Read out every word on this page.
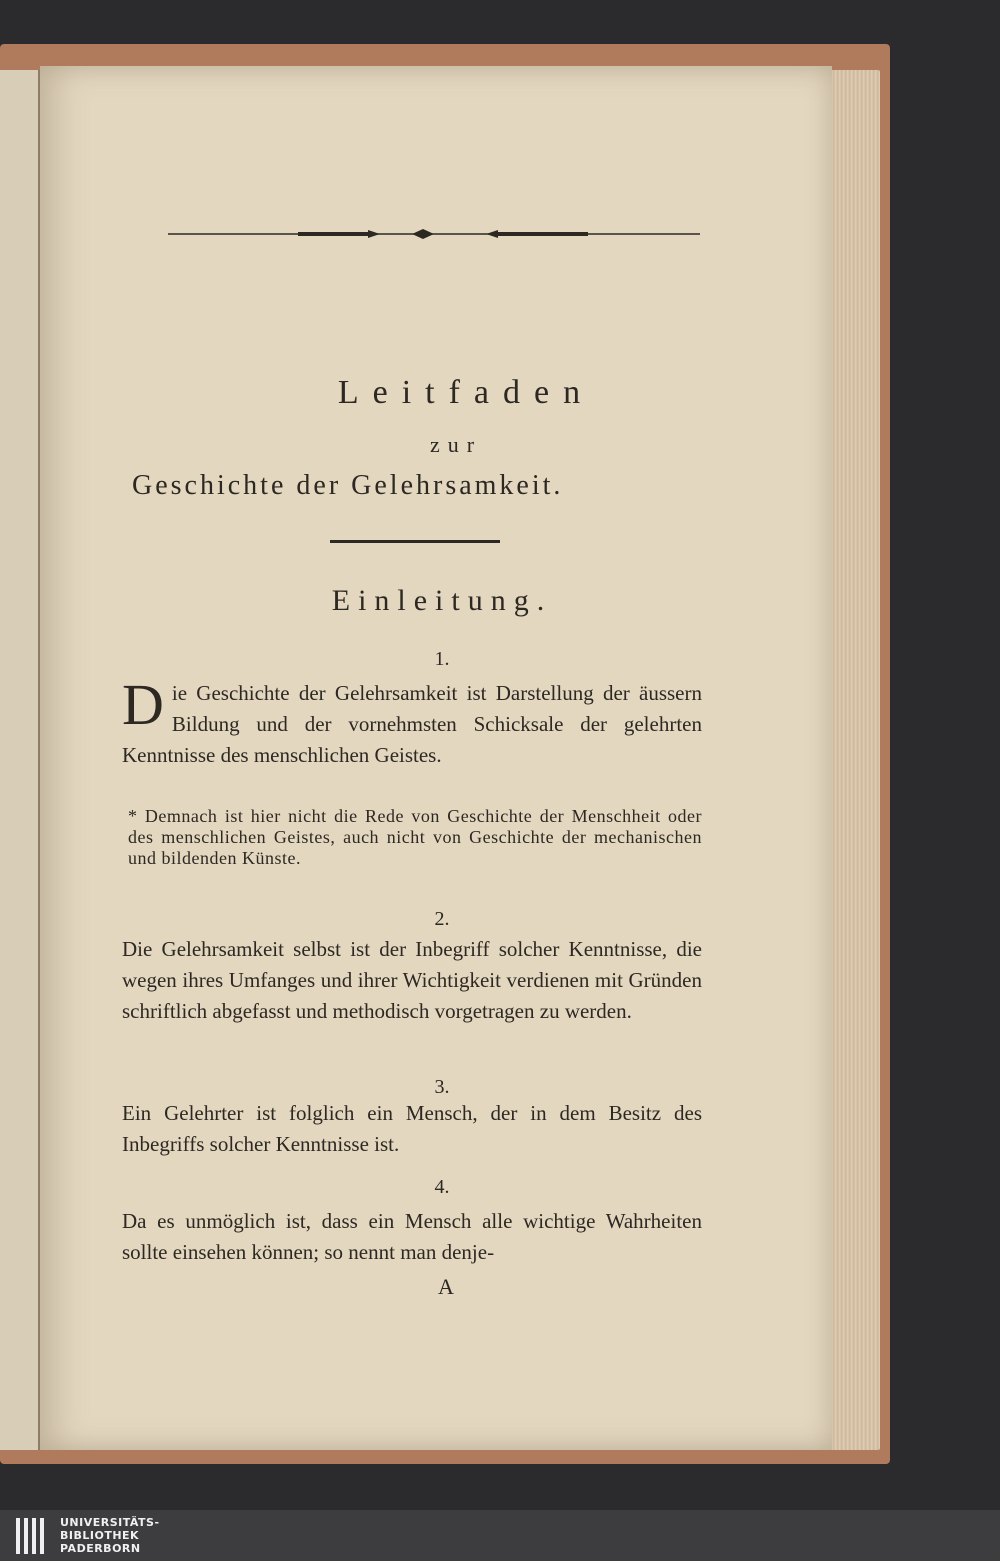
Leitfaden
zur
Geschichte der Gelehrsamkeit.
Einleitung.
1.
Die Geschichte der Gelehrsamkeit ist Darstellung der äussern Bildung und der vornehmsten Schicksale der gelehrten Kenntnisse des menschlichen Geistes.
* Demnach ist hier nicht die Rede von Geschichte der Menschheit oder des menschlichen Geistes, auch nicht von Geschichte der mechanischen und bildenden Künste.
2.
Die Gelehrsamkeit selbst ist der Inbegriff solcher Kenntnisse, die wegen ihres Umfanges und ihrer Wichtigkeit verdienen mit Gründen schriftlich abgefasst und methodisch vorgetragen zu werden.
3.
Ein Gelehrter ist folglich ein Mensch, der in dem Besitz des Inbegriffs solcher Kenntnisse ist.
4.
Da es unmöglich ist, dass ein Mensch alle wichtige Wahrheiten sollte einsehen können; so nennt man denje-
A
UNIVERSITÄTS-
BIBLIOTHEK
PADERBORN
